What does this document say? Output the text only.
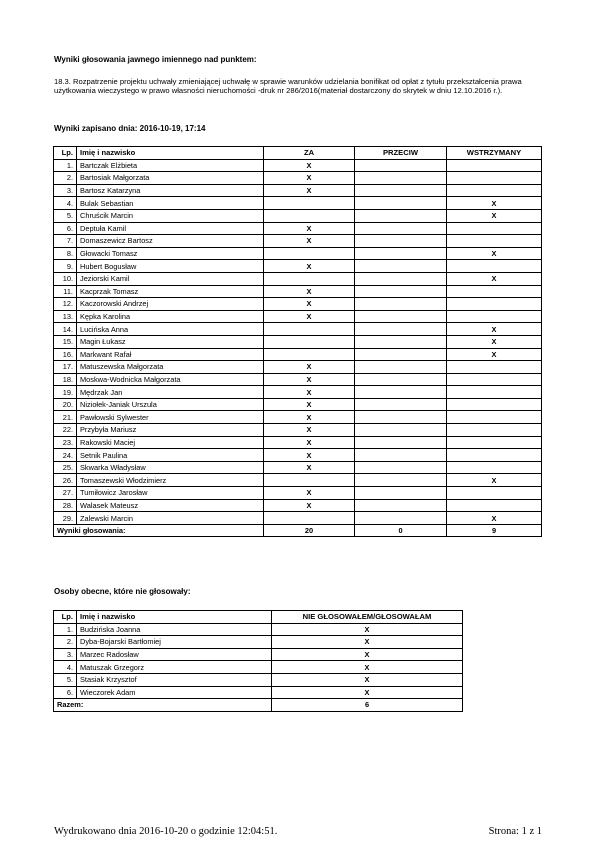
Wyniki głosowania jawnego imiennego nad punktem:
18.3. Rozpatrzenie projektu uchwały zmieniającej uchwałę w sprawie warunków udzielania bonifikat od opłat z tytułu przekształcenia prawa użytkowania wieczystego w prawo własności nieruchomości -druk nr 286/2016(materiał dostarczony do skrytek w dniu 12.10.2016 r.).
Wyniki zapisano dnia: 2016-10-19, 17:14
Lp.	Imię i nazwisko	ZA	PRZECIW	WSTRZYMANY
1.	Bartczak Elżbieta	X		
2.	Bartosiak Małgorzata	X		
3.	Bartosz Katarzyna	X		
4.	Bulak Sebastian			X
5.	Chruścik Marcin			X
6.	Deptuła Kamil	X		
7.	Domaszewicz Bartosz	X		
8.	Głowacki Tomasz			X
9.	Hubert Bogusław	X		
10.	Jeziorski Kamil			X
11.	Kacprzak Tomasz	X		
12.	Kaczorowski Andrzej	X		
13.	Kępka Karolina	X		
14.	Lucińska Anna			X
15.	Magin Łukasz			X
16.	Markwant Rafał			X
17.	Matuszewska Małgorzata	X		
18.	Moskwa-Wodnicka Małgorzata	X		
19.	Mędrzak Jan	X		
20.	Niziołek-Janiak Urszula	X		
21.	Pawłowski Sylwester	X		
22.	Przybyła Mariusz	X		
23.	Rakowski Maciej	X		
24.	Setnik Paulina	X		
25.	Skwarka Władysław	X		
26.	Tomaszewski Włodzimierz			X
27.	Tumiłowicz Jarosław	X		
28.	Walasek Mateusz	X		
29.	Zalewski Marcin			X
Wyniki głosowania:		20	0	9
Osoby obecne, które nie głosowały:
Lp.	Imię i nazwisko	NIE GŁOSOWAŁEM/GŁOSOWAŁAM
1.	Budzińska Joanna	X
2.	Dyba-Bojarski Bartłomiej	X
3.	Marzec Radosław	X
4.	Matuszak Grzegorz	X
5.	Stasiak Krzysztof	X
6.	Wieczorek Adam	X
Razem:		6
Wydrukowano dnia 2016-10-20 o godzinie 12:04:51.	Strona: 1 z 1
